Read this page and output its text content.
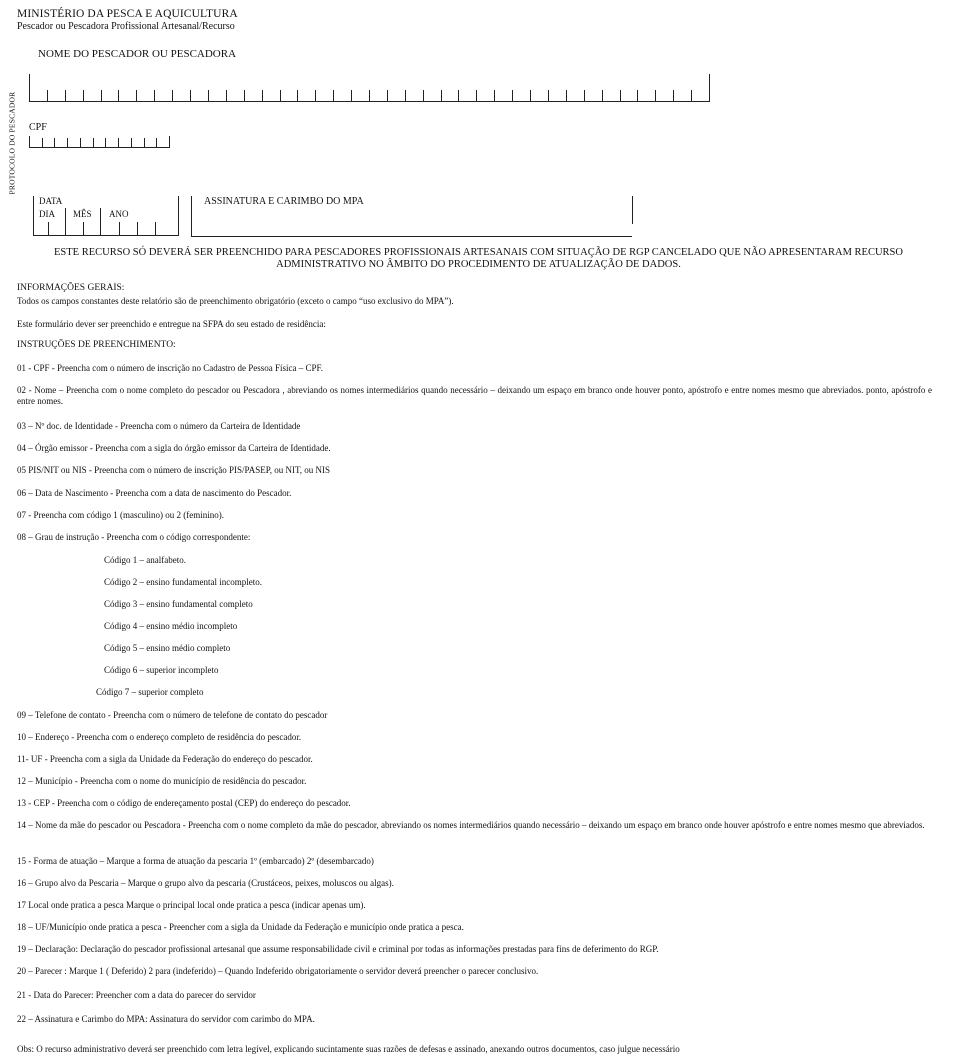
MINISTÉRIO DA PESCA E AQUICULTURA
Pescador ou Pescadora Profissional Artesanal/Recurso
PROTOCOLO DO PESCADOR
NOME DO PESCADOR OU PESCADORA
CPF
DATA
DIA MÊS ANO
ASSINATURA E CARIMBO DO MPA
ESTE RECURSO SÓ DEVERÁ SER PREENCHIDO PARA PESCADORES PROFISSIONAIS ARTESANAIS COM SITUAÇÃO DE RGP CANCELADO QUE NÃO APRESENTARAM RECURSO ADMINISTRATIVO NO ÂMBITO DO PROCEDIMENTO DE ATUALIZAÇÃO DE DADOS.
INFORMAÇÕES GERAIS:
Todos os campos constantes deste relatório são de preenchimento obrigatório (exceto o campo “uso exclusivo do MPA”).
Este formulário dever ser preenchido e entregue na SFPA do seu estado de residência:
INSTRUÇÕES DE PREENCHIMENTO:
01 - CPF - Preencha com o número de inscrição no Cadastro de Pessoa Física – CPF.
02 - Nome – Preencha com o nome completo do pescador ou Pescadora , abreviando os nomes intermediários quando necessário – deixando um espaço em branco onde houver ponto, apóstrofo e entre nomes mesmo que abreviados. ponto, apóstrofo e entre nomes.
03 – Nº doc. de Identidade - Preencha com o número da Carteira de Identidade
04 – Órgão emissor - Preencha com a sigla do órgão emissor da Carteira de Identidade.
05 PIS/NIT ou NIS - Preencha com o número de inscrição PIS/PASEP, ou NIT, ou NIS
06 – Data de Nascimento - Preencha com a data de nascimento do Pescador.
07 - Preencha com código 1 (masculino) ou 2 (feminino).
08 – Grau de instrução - Preencha com o código correspondente:
Código 1 – analfabeto.
Código 2 – ensino fundamental incompleto.
Código 3 – ensino fundamental completo
Código 4 – ensino médio incompleto
Código 5 – ensino médio completo
Código 6 – superior incompleto
Código 7 – superior completo
09 – Telefone de contato - Preencha com o número de telefone de contato do pescador
10 – Endereço - Preencha com o endereço completo de residência do pescador.
11- UF - Preencha com a sigla da Unidade da Federação do endereço do pescador.
12 – Município - Preencha com o nome do município de residência do pescador.
13 - CEP - Preencha com o código de endereçamento postal (CEP) do endereço do pescador.
14 – Nome da mãe do pescador ou Pescadora - Preencha com o nome completo da mãe do pescador, abreviando os nomes intermediários quando necessário – deixando um espaço em branco onde houver apóstrofo e entre nomes mesmo que abreviados.
15 - Forma de atuação – Marque a forma de atuação da pescaria 1º (embarcado) 2º (desembarcado)
16 – Grupo alvo da Pescaria – Marque o grupo alvo da pescaria (Crustáceos, peixes, moluscos ou algas).
17 Local onde pratica a pesca Marque o principal local onde pratica a pesca (indicar apenas um).
18 – UF/Município onde pratica a pesca - Preencher com a sigla da Unidade da Federação e município onde pratica a pesca.
19 – Declaração: Declaração do pescador profissional artesanal que assume responsabilidade civil e criminal por todas as informações prestadas para fins de deferimento do RGP.
20 – Parecer : Marque 1 ( Deferido) 2 para (indeferido) – Quando Indeferido obrigatoriamente o servidor deverá preencher o parecer conclusivo.
21 - Data do Parecer: Preencher com a data do parecer do servidor
22 – Assinatura e Carimbo do MPA: Assinatura do servidor com carimbo do MPA.
Obs: O recurso administrativo deverá ser preenchido com letra legível, explicando sucintamente suas razões de defesas e assinado, anexando outros documentos, caso julgue necessário
